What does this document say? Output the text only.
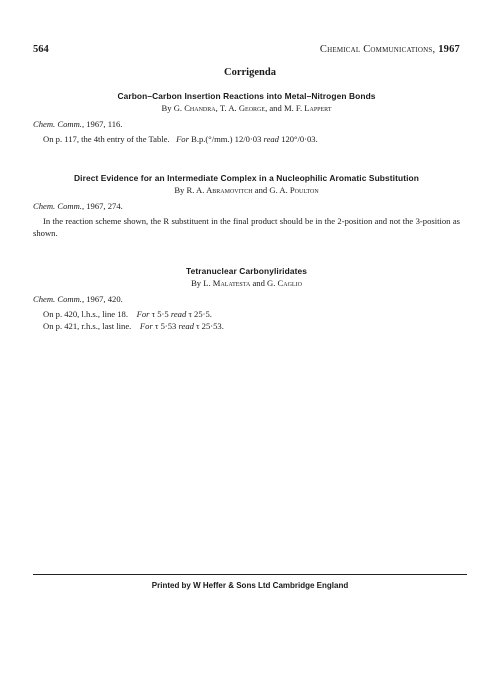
564	Chemical Communications, 1967
Corrigenda
Carbon–Carbon Insertion Reactions into Metal–Nitrogen Bonds
By G. Chandra, T. A. George, and M. F. Lappert
Chem. Comm., 1967, 116.
On p. 117, the 4th entry of the Table. For B.p.(°/mm.) 12/0·03 read 120°/0·03.
Direct Evidence for an Intermediate Complex in a Nucleophilic Aromatic Substitution
By R. A. Abramovitch and G. A. Poulton
Chem. Comm., 1967, 274.
In the reaction scheme shown, the R substituent in the final product should be in the 2-position and not the 3-position as shown.
Tetranuclear Carbonyliridates
By L. Malatesta and G. Caglio
Chem. Comm., 1967, 420.
On p. 420, l.h.s., line 18. For τ 5·5 read τ 25·5.
On p. 421, r.h.s., last line. For τ 5·53 read τ 25·53.
Printed by W Heffer & Sons Ltd Cambridge England
